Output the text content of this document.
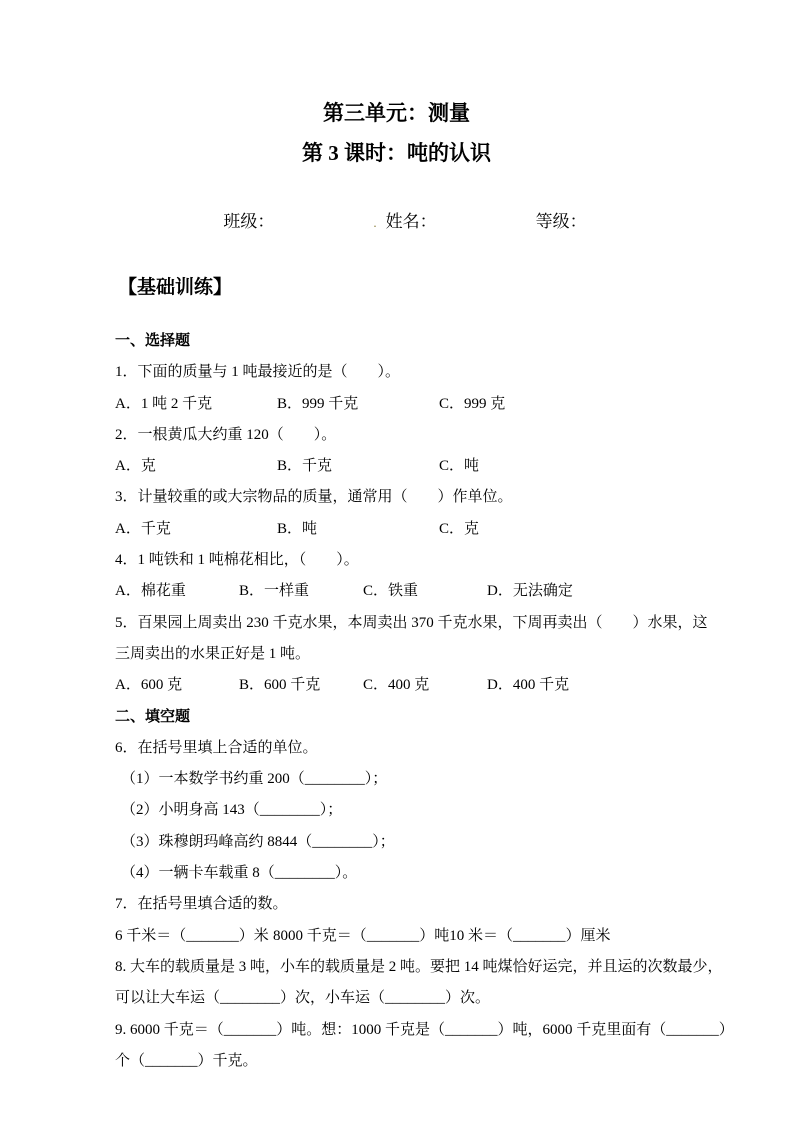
第三单元：测量
第 3 课时：吨的认识

班级：	. 姓名：	等级：

【基础训练】
一、选择题
1．下面的质量与 1 吨最接近的是（　　）。
A．1 吨 2 千克	B．999 千克	C．999 克
2．一根黄瓜大约重 120（　　）。
A．克	B．千克	C．吨
3．计量较重的或大宗物品的质量，通常用（　　）作单位。
A．千克	B．吨	C．克
4．1 吨铁和 1 吨棉花相比，（　　）。
A．棉花重	B．一样重	C．铁重	D．无法确定
5．百果园上周卖出 230 千克水果，本周卖出 370 千克水果，下周再卖出（　　）水果，这
三周卖出的水果正好是 1 吨。
A．600 克	B．600 千克	C．400 克	D．400 千克
二、填空题
6．在括号里填上合适的单位。
（1）一本数学书约重 200（________）；
（2）小明身高 143（________）；
（3）珠穆朗玛峰高约 8844（________）；
（4）一辆卡车载重 8（________）。
7．在括号里填合适的数。
6 千米＝（_______）米 8000 千克＝（_______）吨 10 米＝（_______）厘米
8. 大车的载质量是 3 吨，小车的载质量是 2 吨。要把 14 吨煤恰好运完，并且运的次数最少，
可以让大车运（________）次，小车运（________）次。
9. 6000 千克＝（_______）吨。想：1000 千克是（_______）吨，6000 千克里面有（_______）
个（_______）千克。
